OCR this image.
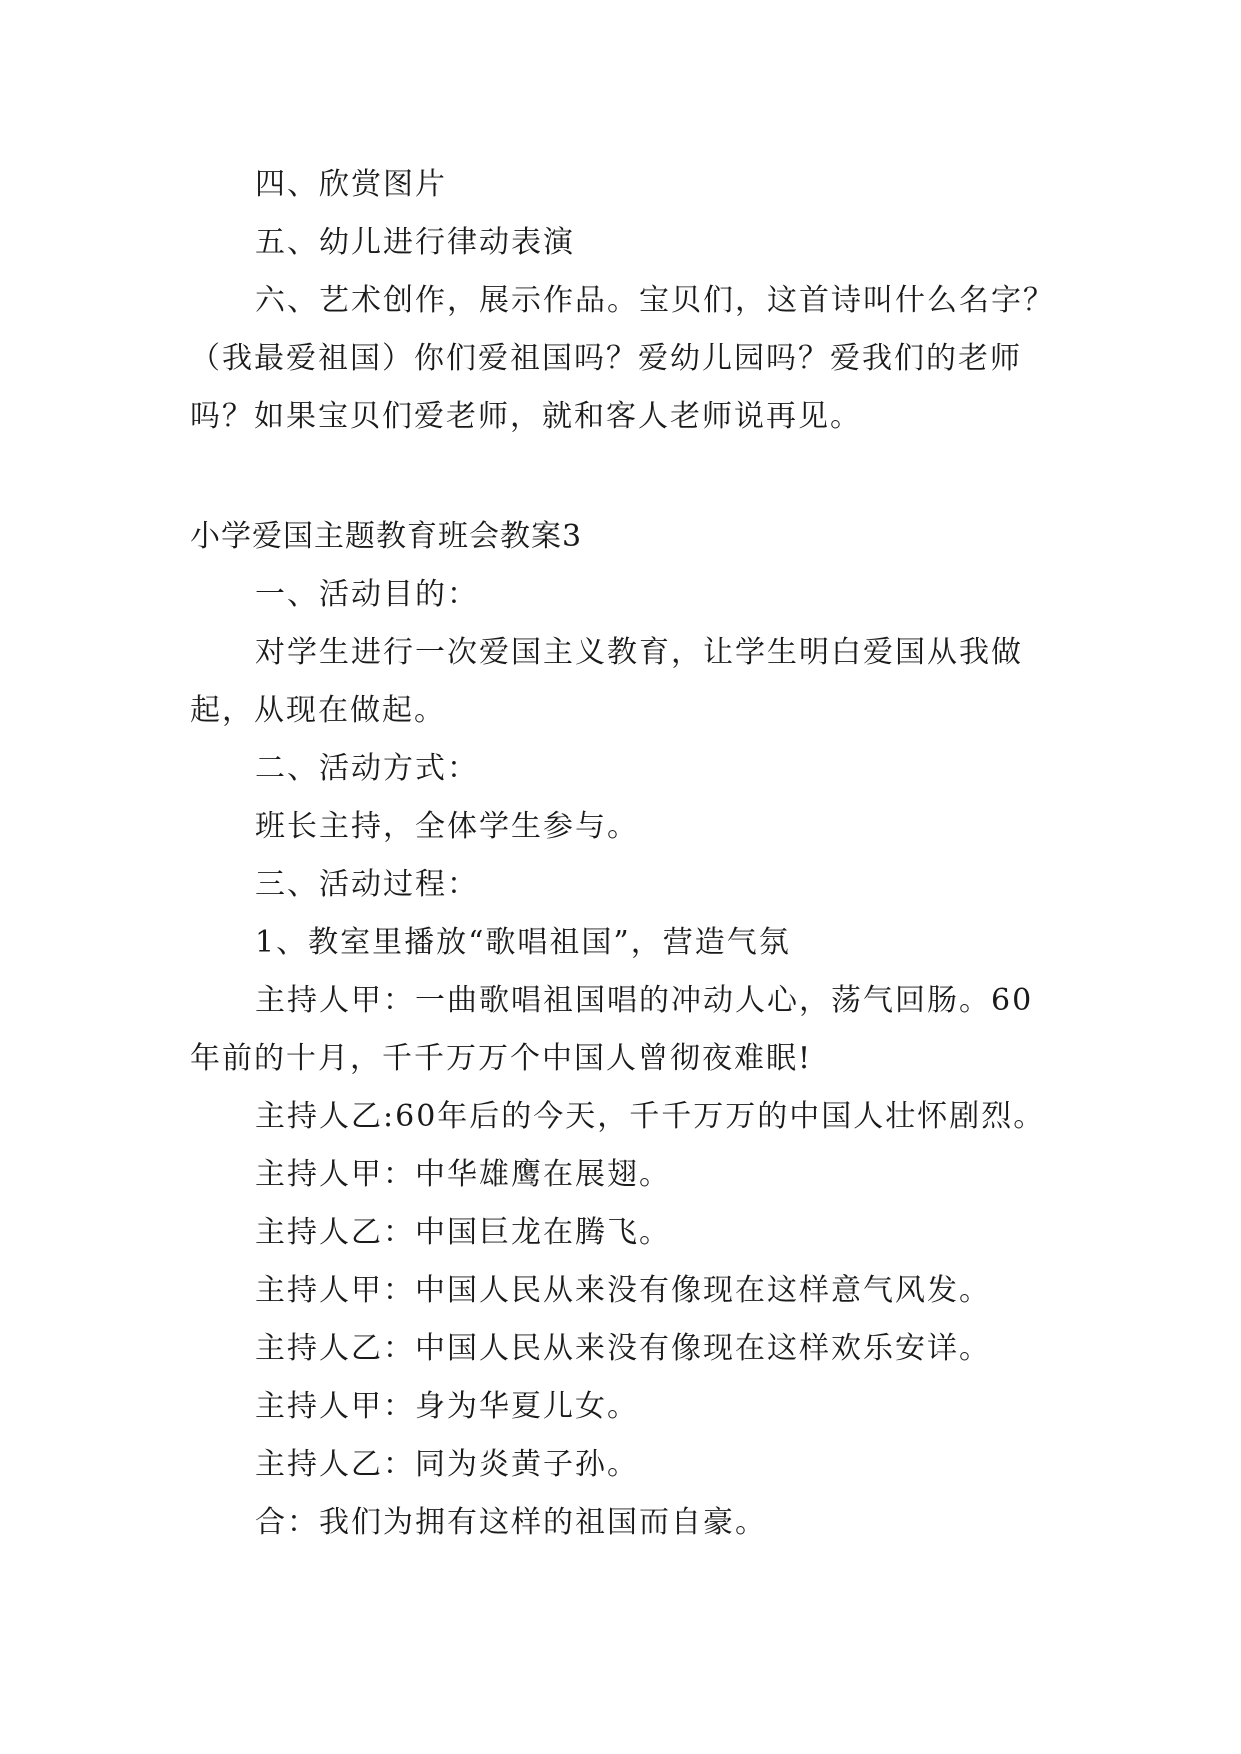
四、欣赏图片
五、幼儿进行律动表演
六、艺术创作，展示作品。宝贝们，这首诗叫什么名字？
（我最爱祖国）你们爱祖国吗？爱幼儿园吗？爱我们的老师
吗？如果宝贝们爱老师，就和客人老师说再见。
小学爱国主题教育班会教案3
一、活动目的：
对学生进行一次爱国主义教育，让学生明白爱国从我做
起，从现在做起。
二、活动方式：
班长主持，全体学生参与。
三、活动过程：
1、教室里播放“歌唱祖国”，营造气氛
主持人甲：一曲歌唱祖国唱的冲动人心，荡气回肠。60
年前的十月，千千万万个中国人曾彻夜难眠!
主持人乙:60年后的今天，千千万万的中国人壮怀剧烈。
主持人甲：中华雄鹰在展翅。
主持人乙：中国巨龙在腾飞。
主持人甲：中国人民从来没有像现在这样意气风发。
主持人乙：中国人民从来没有像现在这样欢乐安详。
主持人甲：身为华夏儿女。
主持人乙：同为炎黄子孙。
合：我们为拥有这样的祖国而自豪。
